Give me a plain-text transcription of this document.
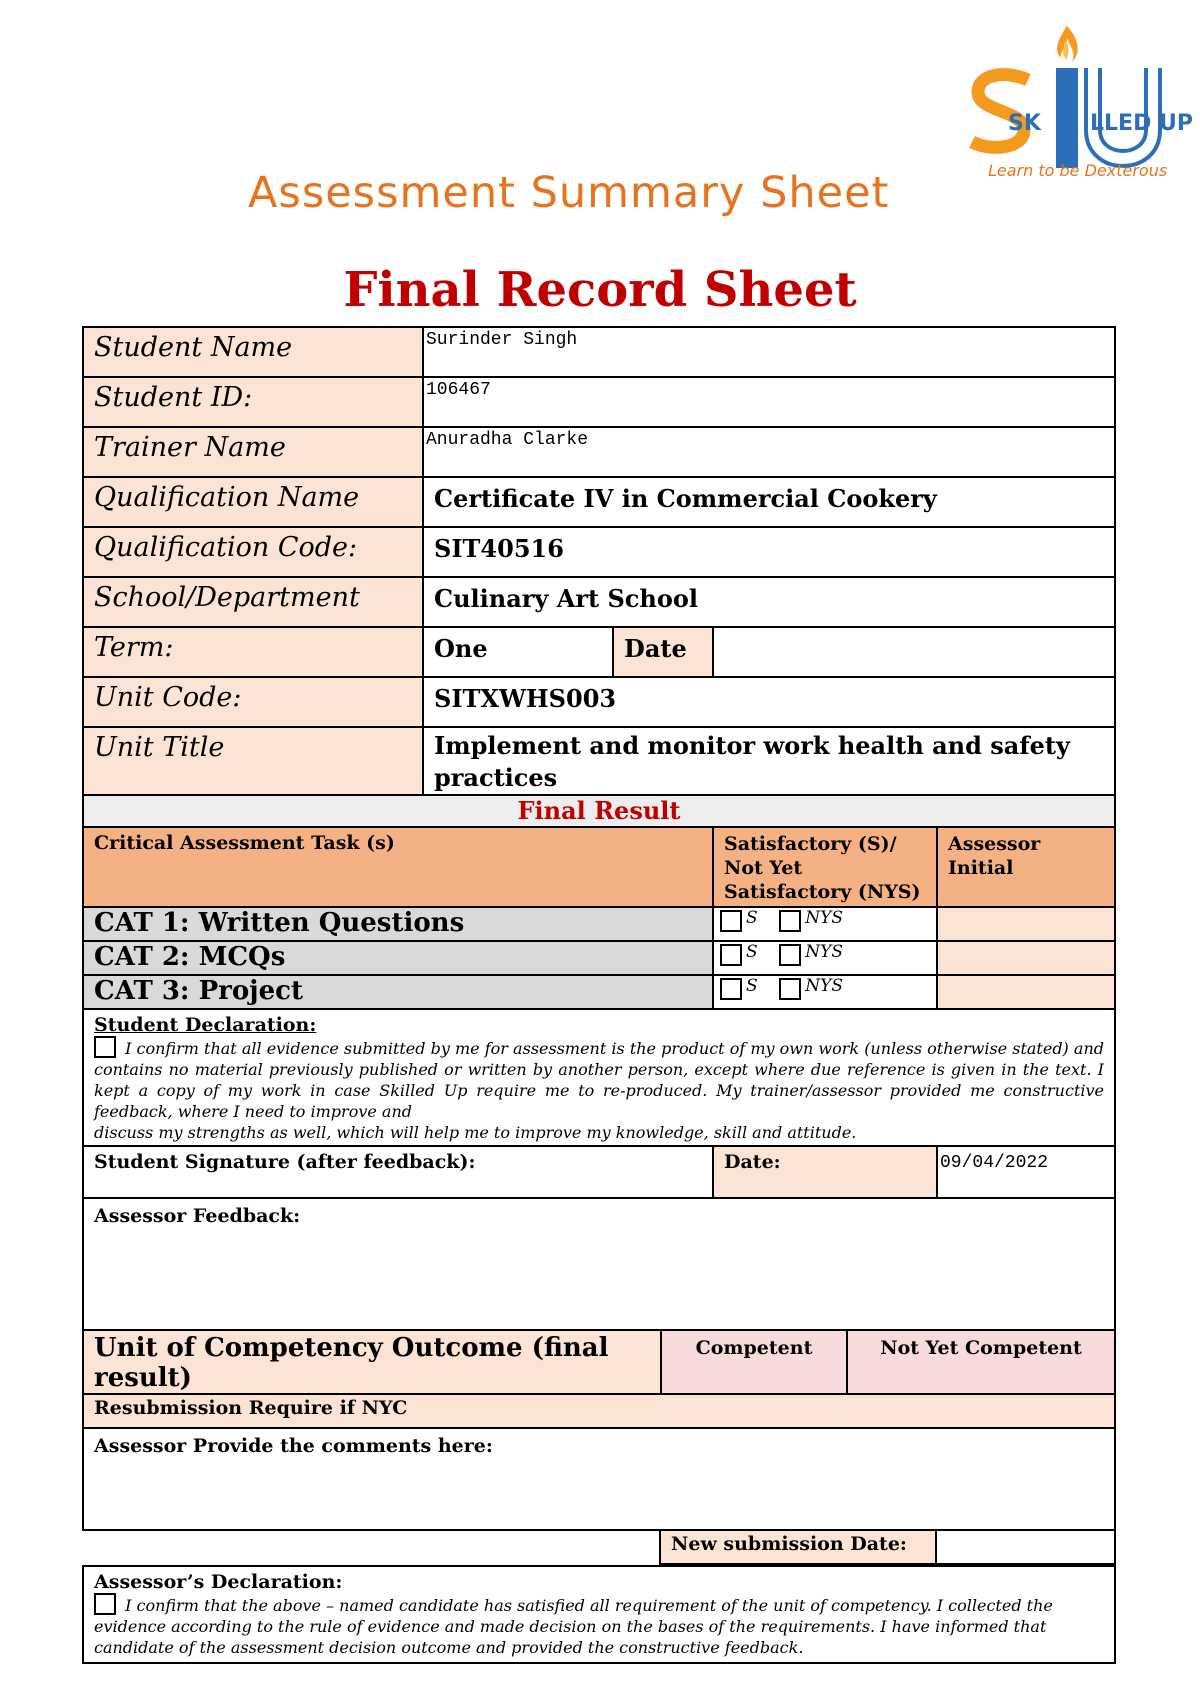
SK LLED UP
Learn to be Dexterous
Assessment Summary Sheet
Final Record Sheet
Student Name	Surinder Singh		
Student ID:	106467		
Trainer Name	Anuradha Clarke		
Qualification Name	Certificate IV in Commercial Cookery		
Qualification Code:	SIT40516		
School/Department	Culinary Art School		
Term:	One	Date	
Unit Code:	SITXWHS003		
Unit Title	Implement and monitor work health and safety practices		
Final Result		
Critical Assessment Task (s)	Satisfactory (S)/ Not Yet Satisfactory (NYS)	Assessor Initial
CAT 1: Written Questions	S NYS	
CAT 2: MCQs	S NYS	
CAT 3: Project	S NYS	

Student Declaration:
I confirm that all evidence submitted by me for assessment is the product of my own work (unless otherwise stated) and contains no material previously published or written by another person, except where due reference is given in the text. I kept a copy of my work in case Skilled Up require me to re-produced. My trainer/assessor provided me constructive feedback, where I need to improve and
discuss my strengths as well, which will help me to improve my knowledge, skill and attitude.		

Student Signature (after feedback):	Date:	09/04/2022
Assessor Feedback:		
Unit of Competency Outcome (final result)	Competent	Not Yet Competent
Resubmission Require if NYC
Assessor Provide the comments here:
	New submission Date:	
Assessor’s Declaration:
I confirm that the above – named candidate has satisfied all requirement of the unit of competency. I collected the evidence according to the rule of evidence and made decision on the bases of the requirements. I have informed that candidate of the assessment decision outcome and provided the constructive feedback.
